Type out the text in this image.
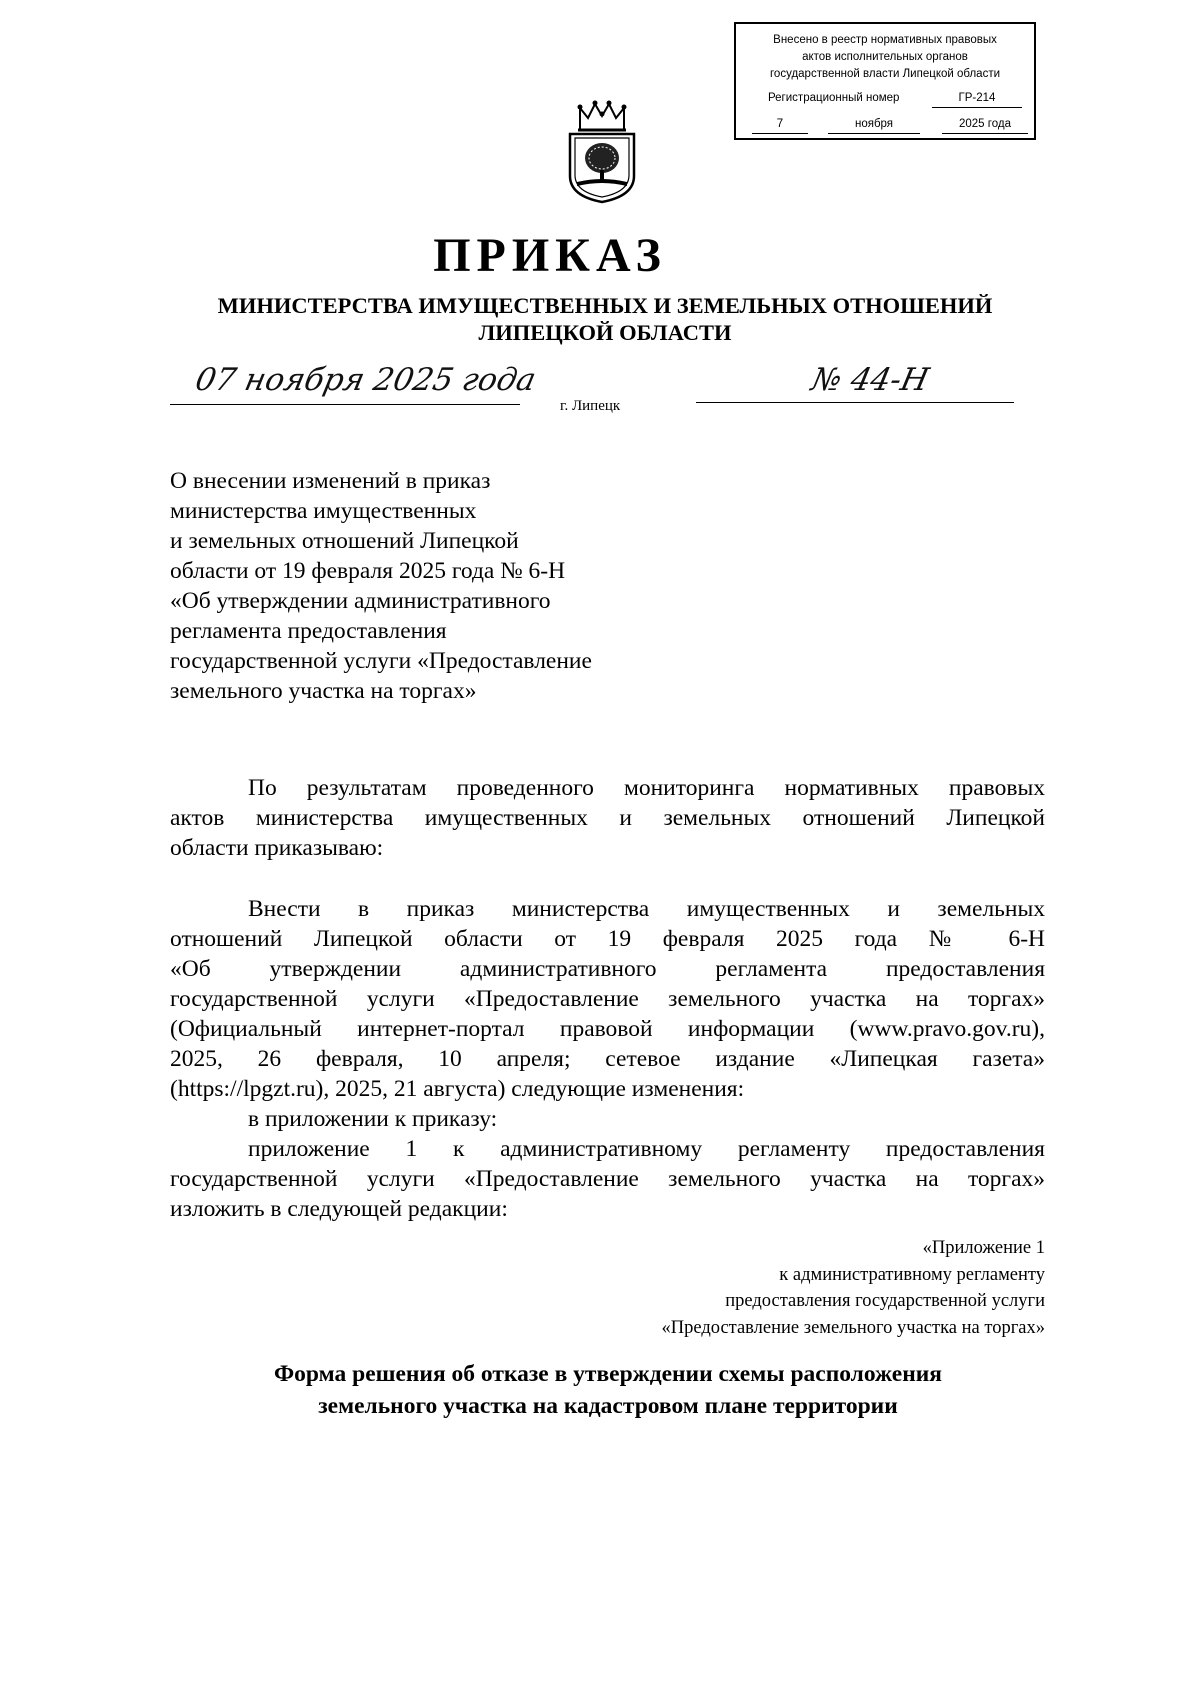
Внесено в реестр нормативных правовых
актов исполнительных органов
государственной власти Липецкой области
Регистрационный номер	ГР-214
7	ноября	2025 года
ПРИКАЗ
МИНИСТЕРСТВА ИМУЩЕСТВЕННЫХ И ЗЕМЕЛЬНЫХ ОТНОШЕНИЙ
ЛИПЕЦКОЙ ОБЛАСТИ
07 ноября 2025 года
г. Липецк
№ 44-Н
О внесении изменений в приказ
министерства имущественных
и земельных отношений Липецкой
области от 19 февраля 2025 года № 6-Н
«Об утверждении административного
регламента предоставления
государственной услуги «Предоставление
земельного участка на торгах»
По результатам проведенного мониторинга нормативных правовых
актов министерства имущественных и земельных отношений Липецкой
области приказываю:
Внести в приказ министерства имущественных и земельных
отношений Липецкой области от 19 февраля 2025 года № 6-Н
«Об утверждении административного регламента предоставления
государственной услуги «Предоставление земельного участка на торгах»
(Официальный интернет-портал правовой информации (www.pravo.gov.ru),
2025, 26 февраля, 10 апреля; сетевое издание «Липецкая газета»
(https://lpgzt.ru), 2025, 21 августа) следующие изменения:
в приложении к приказу:
приложение 1 к административному регламенту предоставления
государственной услуги «Предоставление земельного участка на торгах»
изложить в следующей редакции:
«Приложение 1
к административному регламенту
предоставления государственной услуги
«Предоставление земельного участка на торгах»
Форма решения об отказе в утверждении схемы расположения
земельного участка на кадастровом плане территории
